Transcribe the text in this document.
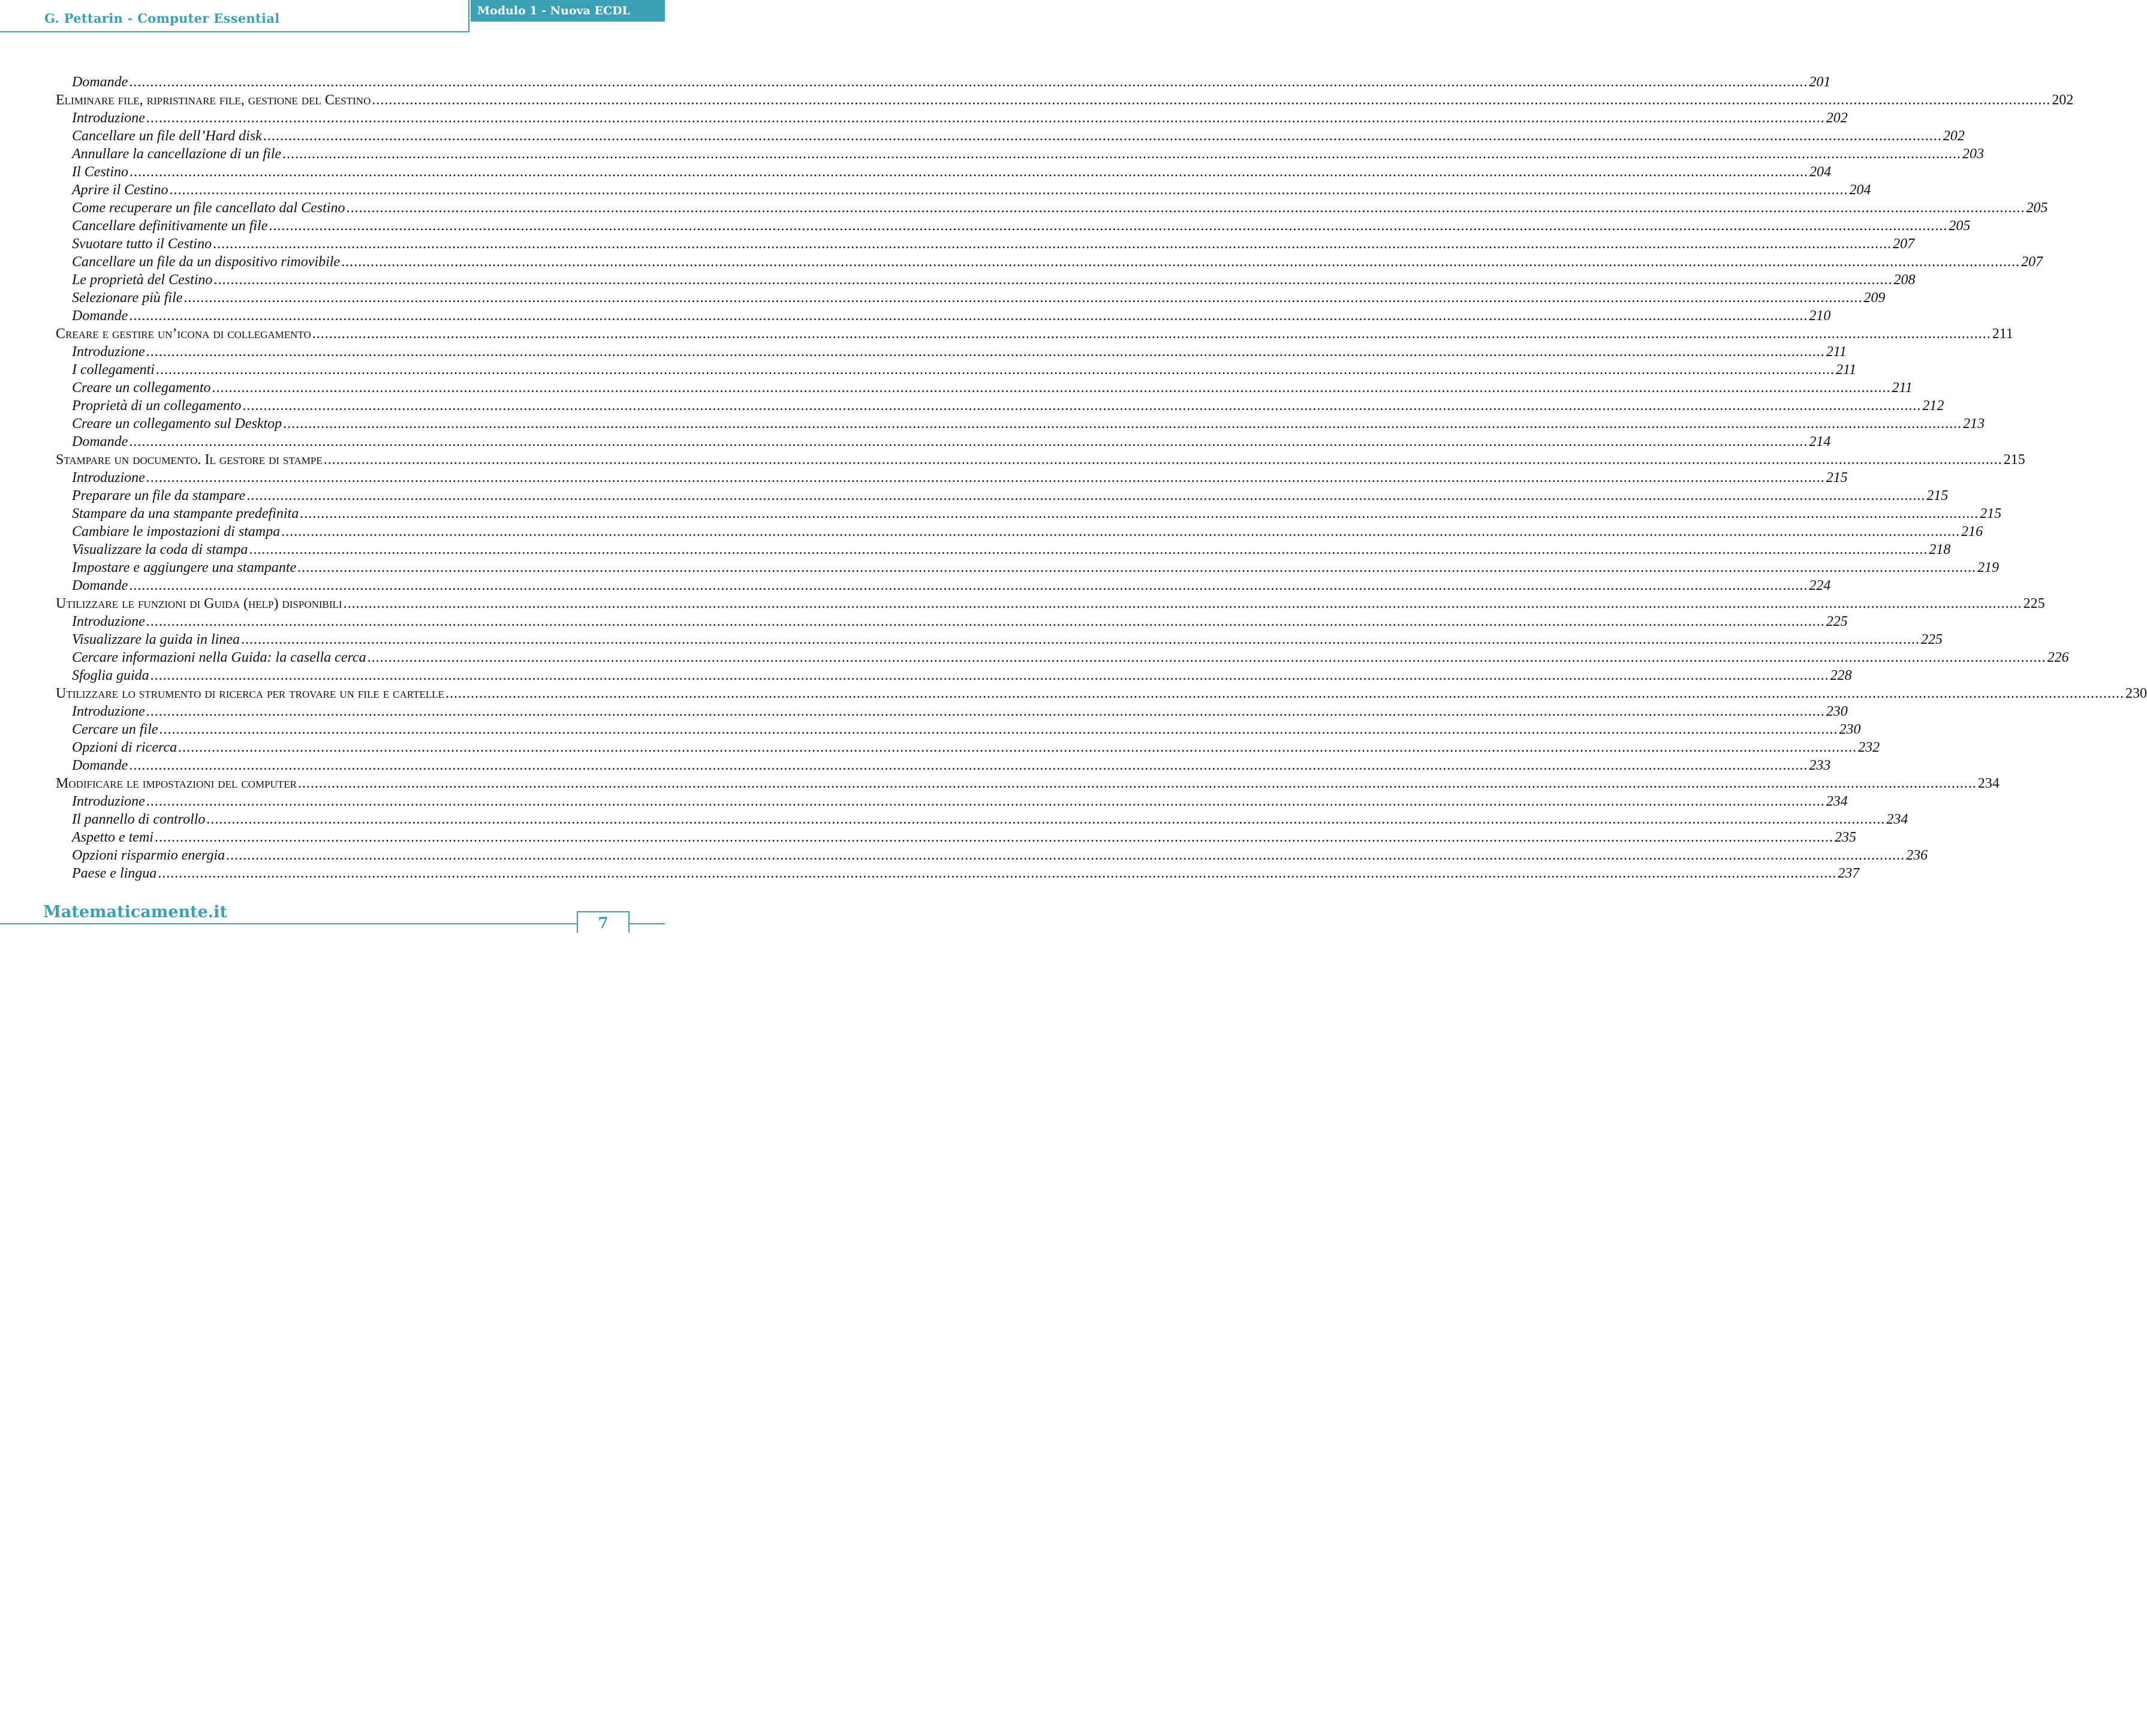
G. Pettarin - Computer Essential	Modulo 1 - Nuova ECDL
Domande ................................................................................................................................................................................................................................................................................................................................................................................................................ 201
Eliminare file, ripristinare file, gestione del Cestino ................................................................................................................................................................................................................................................................................................................................................................................................................ 202
Introduzione ................................................................................................................................................................................................................................................................................................................................................................................................................ 202
Cancellare un file dell’Hard disk ................................................................................................................................................................................................................................................................................................................................................................................................................ 202
Annullare la cancellazione di un file ................................................................................................................................................................................................................................................................................................................................................................................................................ 203
Il Cestino ................................................................................................................................................................................................................................................................................................................................................................................................................ 204
Aprire il Cestino ................................................................................................................................................................................................................................................................................................................................................................................................................ 204
Come recuperare un file cancellato dal Cestino ................................................................................................................................................................................................................................................................................................................................................................................................................ 205
Cancellare definitivamente un file ................................................................................................................................................................................................................................................................................................................................................................................................................ 205
Svuotare tutto il Cestino ................................................................................................................................................................................................................................................................................................................................................................................................................ 207
Cancellare un file da un dispositivo rimovibile ................................................................................................................................................................................................................................................................................................................................................................................................................ 207
Le proprietà del Cestino ................................................................................................................................................................................................................................................................................................................................................................................................................ 208
Selezionare più file ................................................................................................................................................................................................................................................................................................................................................................................................................ 209
Domande ................................................................................................................................................................................................................................................................................................................................................................................................................ 210
Creare e gestire un’icona di collegamento ................................................................................................................................................................................................................................................................................................................................................................................................................ 211
Introduzione ................................................................................................................................................................................................................................................................................................................................................................................................................ 211
I collegamenti ................................................................................................................................................................................................................................................................................................................................................................................................................ 211
Creare un collegamento ................................................................................................................................................................................................................................................................................................................................................................................................................ 211
Proprietà di un collegamento ................................................................................................................................................................................................................................................................................................................................................................................................................ 212
Creare un collegamento sul Desktop ................................................................................................................................................................................................................................................................................................................................................................................................................ 213
Domande ................................................................................................................................................................................................................................................................................................................................................................................................................ 214
Stampare un documento. Il gestore di stampe ................................................................................................................................................................................................................................................................................................................................................................................................................ 215
Introduzione ................................................................................................................................................................................................................................................................................................................................................................................................................ 215
Preparare un file da stampare ................................................................................................................................................................................................................................................................................................................................................................................................................ 215
Stampare da una stampante predefinita ................................................................................................................................................................................................................................................................................................................................................................................................................ 215
Cambiare le impostazioni di stampa ................................................................................................................................................................................................................................................................................................................................................................................................................ 216
Visualizzare la coda di stampa ................................................................................................................................................................................................................................................................................................................................................................................................................ 218
Impostare e aggiungere una stampante ................................................................................................................................................................................................................................................................................................................................................................................................................ 219
Domande ................................................................................................................................................................................................................................................................................................................................................................................................................ 224
Utilizzare le funzioni di Guida (help) disponibili ................................................................................................................................................................................................................................................................................................................................................................................................................ 225
Introduzione ................................................................................................................................................................................................................................................................................................................................................................................................................ 225
Visualizzare la guida in linea ................................................................................................................................................................................................................................................................................................................................................................................................................ 225
Cercare informazioni nella Guida: la casella cerca ................................................................................................................................................................................................................................................................................................................................................................................................................ 226
Sfoglia guida ................................................................................................................................................................................................................................................................................................................................................................................................................ 228
Utilizzare lo strumento di ricerca per trovare un file e cartelle ................................................................................................................................................................................................................................................................................................................................................................................................................ 230
Introduzione ................................................................................................................................................................................................................................................................................................................................................................................................................ 230
Cercare un file ................................................................................................................................................................................................................................................................................................................................................................................................................ 230
Opzioni di ricerca ................................................................................................................................................................................................................................................................................................................................................................................................................ 232
Domande ................................................................................................................................................................................................................................................................................................................................................................................................................ 233
Modificare le impostazioni del computer ................................................................................................................................................................................................................................................................................................................................................................................................................ 234
Introduzione ................................................................................................................................................................................................................................................................................................................................................................................................................ 234
Il pannello di controllo ................................................................................................................................................................................................................................................................................................................................................................................................................ 234
Aspetto e temi ................................................................................................................................................................................................................................................................................................................................................................................................................ 235
Opzioni risparmio energia ................................................................................................................................................................................................................................................................................................................................................................................................................ 236
Paese e lingua ................................................................................................................................................................................................................................................................................................................................................................................................................ 237
Matematicamente.it
7
